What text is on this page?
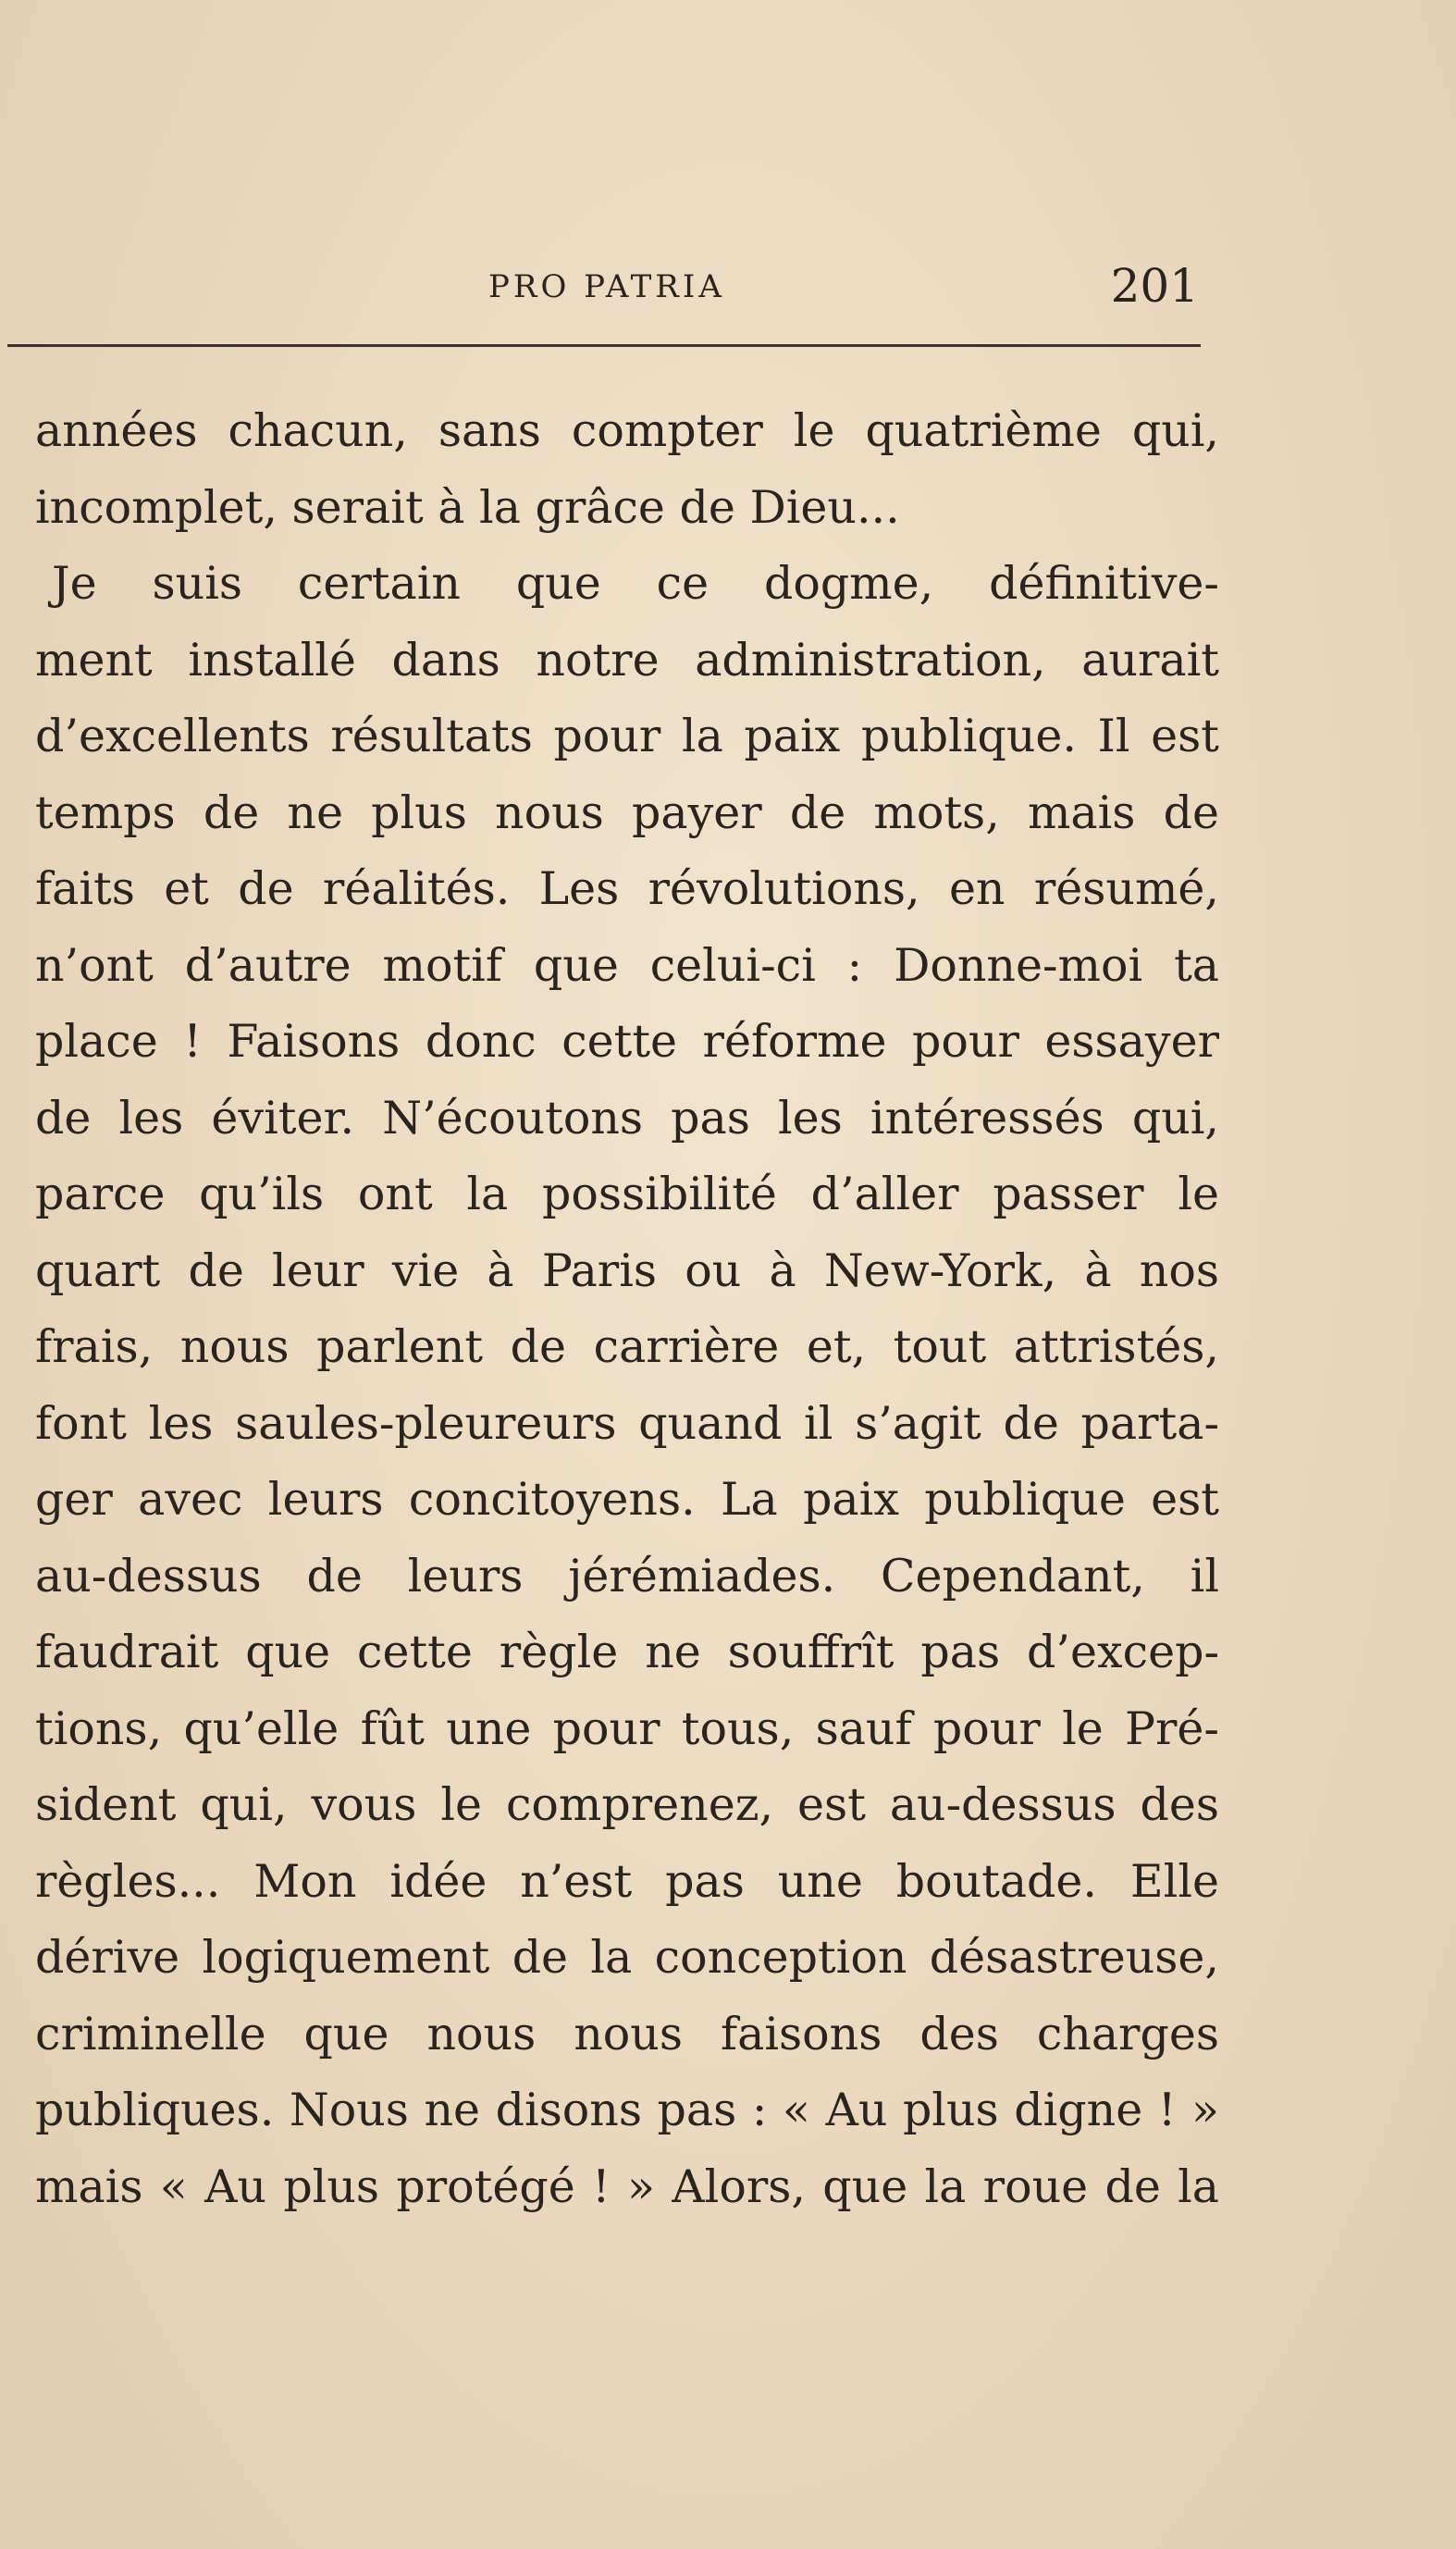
PRO PATRIA	201
années chacun, sans compter le quatrième qui,
incomplet, serait à la grâce de Dieu...
Je suis certain que ce dogme, définitive-
ment installé dans notre administration, aurait
d’excellents résultats pour la paix publique. Il est
temps de ne plus nous payer de mots, mais de
faits et de réalités. Les révolutions, en résumé,
n’ont d’autre motif que celui-ci : Donne-moi ta
place ! Faisons donc cette réforme pour essayer
de les éviter. N’écoutons pas les intéressés qui,
parce qu’ils ont la possibilité d’aller passer le
quart de leur vie à Paris ou à New-York, à nos
frais, nous parlent de carrière et, tout attristés,
font les saules-pleureurs quand il s’agit de parta-
ger avec leurs concitoyens. La paix publique est
au-dessus de leurs jérémiades. Cependant, il
faudrait que cette règle ne souffrît pas d’excep-
tions, qu’elle fût une pour tous, sauf pour le Pré-
sident qui, vous le comprenez, est au-dessus des
règles... Mon idée n’est pas une boutade. Elle
dérive logiquement de la conception désastreuse,
criminelle que nous nous faisons des charges
publiques. Nous ne disons pas : « Au plus digne ! »
mais « Au plus protégé ! » Alors, que la roue de la
